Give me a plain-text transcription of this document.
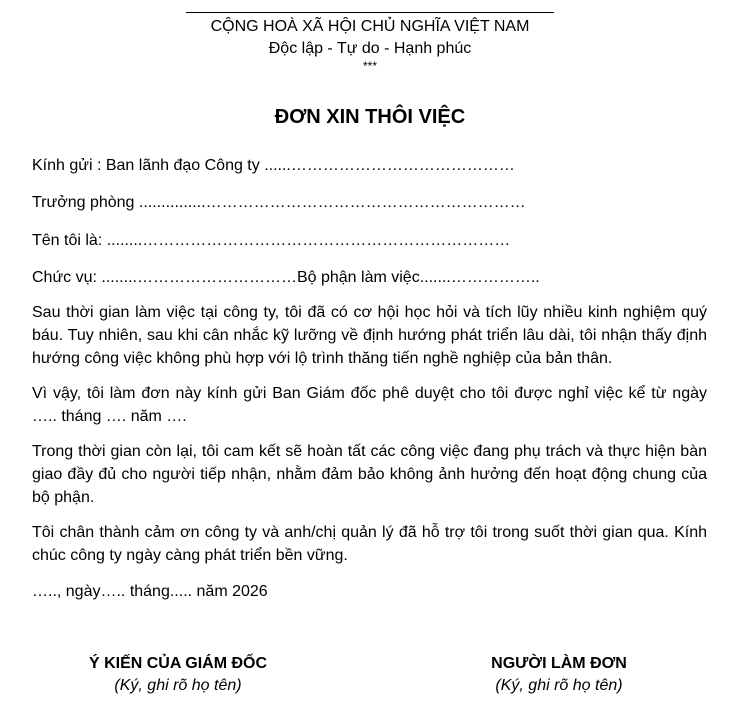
CỘNG HOÀ XÃ HỘI CHỦ NGHĨA VIỆT NAM
Độc lập - Tự do - Hạnh phúc
***
ĐƠN XIN THÔI VIỆC
Kính gửi : Ban lãnh đạo Công ty ......……………………………………
Trưởng phòng ...............……………………………………………………
Tên tôi là: ........……………………………………………………………
Chức vụ: ........…………………………Bộ phận làm việc.......……………..

Sau thời gian làm việc tại công ty, tôi đã có cơ hội học hỏi và tích lũy nhiều kinh nghiệm quý báu. Tuy nhiên, sau khi cân nhắc kỹ lưỡng về định hướng phát triển lâu dài, tôi nhận thấy định hướng công việc không phù hợp với lộ trình thăng tiến nghề nghiệp của bản thân.

Vì vậy, tôi làm đơn này kính gửi Ban Giám đốc phê duyệt cho tôi được nghỉ việc kể từ ngày ….. tháng …. năm ….

Trong thời gian còn lại, tôi cam kết sẽ hoàn tất các công việc đang phụ trách và thực hiện bàn giao đầy đủ cho người tiếp nhận, nhằm đảm bảo không ảnh hưởng đến hoạt động chung của bộ phận.

Tôi chân thành cảm ơn công ty và anh/chị quản lý đã hỗ trợ tôi trong suốt thời gian qua. Kính chúc công ty ngày càng phát triển bền vững.

….., ngày….. tháng..... năm 2026
Ý KIẾN CỦA GIÁM ĐỐC
(Ký, ghi rõ họ tên)
NGƯỜI LÀM ĐƠN
(Ký, ghi rõ họ tên)
